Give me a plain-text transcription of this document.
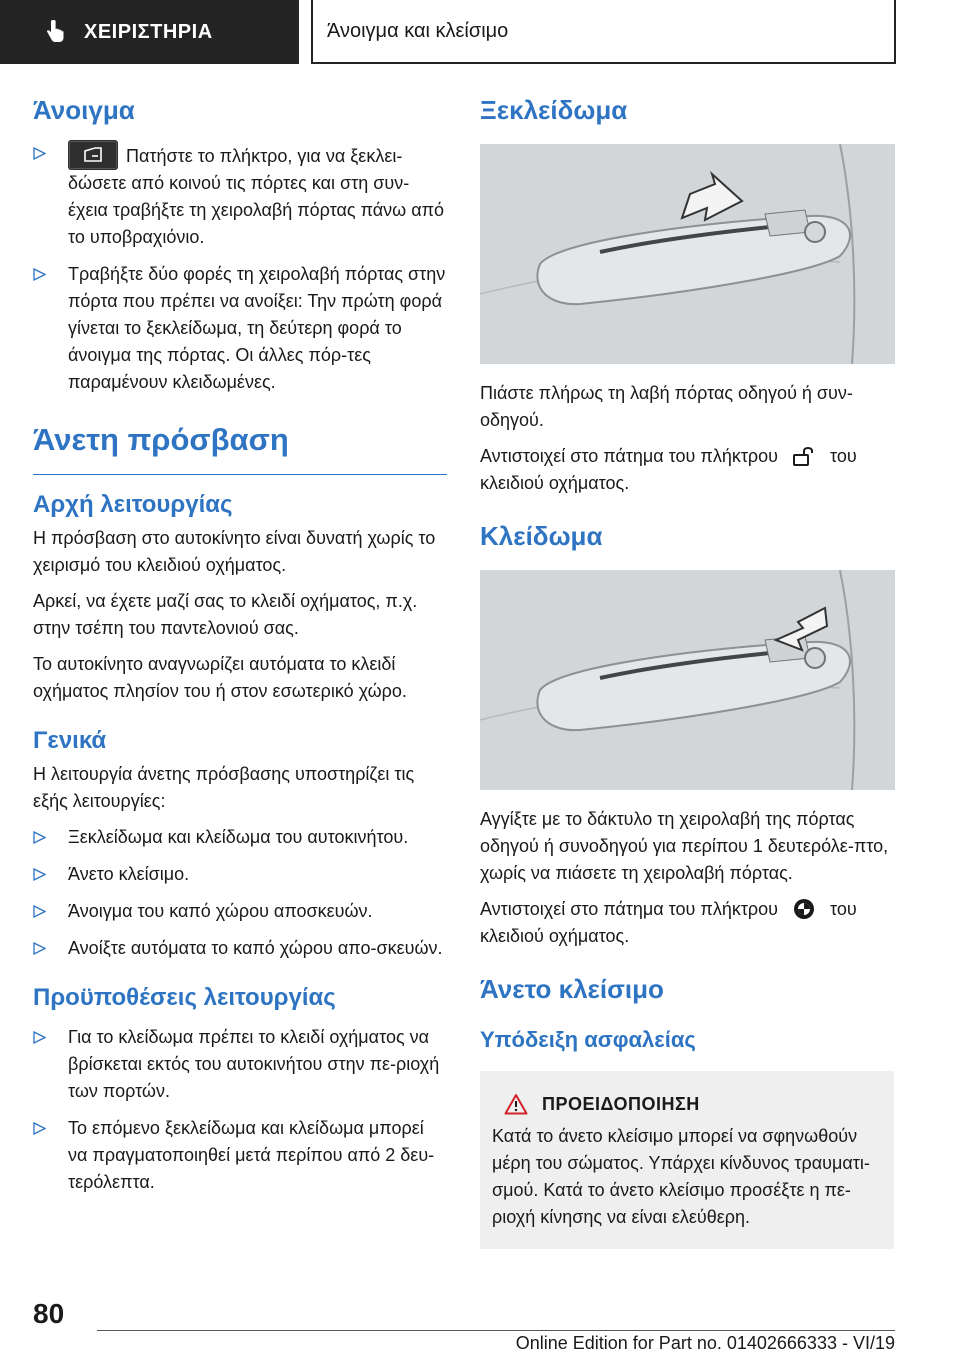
ΧΕΙΡΙΣΤΗΡΙΑ	Άνοιγμα και κλείσιμο
Άνοιγμα
Πατήστε το πλήκτρο, για να ξεκλει-δώσετε από κοινού τις πόρτες και στη συν-έχεια τραβήξτε τη χειρολαβή πόρτας πάνω από το υποβραχιόνιο.
Τραβήξτε δύο φορές τη χειρολαβή πόρτας στην πόρτα που πρέπει να ανοίξει: Την πρώτη φορά γίνεται το ξεκλείδωμα, τη δεύτερη φορά το άνοιγμα της πόρτας. Οι άλλες πόρ-τες παραμένουν κλειδωμένες.
Άνετη πρόσβαση
Αρχή λειτουργίας

Η πρόσβαση στο αυτοκίνητο είναι δυνατή χωρίς το χειρισμό του κλειδιού οχήματος.

Αρκεί, να έχετε μαζί σας το κλειδί οχήματος, π.χ. στην τσέπη του παντελονιού σας.

Το αυτοκίνητο αναγνωρίζει αυτόματα το κλειδί οχήματος πλησίον του ή στον εσωτερικό χώρο.

Γενικά

Η λειτουργία άνετης πρόσβασης υποστηρίζει τις εξής λειτουργίες:

Ξεκλείδωμα και κλείδωμα του αυτοκινήτου.
Άνετο κλείσιμο.
Άνοιγμα του καπό χώρου αποσκευών.
Ανοίξτε αυτόματα το καπό χώρου απο-σκευών.
Προϋποθέσεις λειτουργίας
Για το κλείδωμα πρέπει το κλειδί οχήματος να βρίσκεται εκτός του αυτοκινήτου στην πε-ριοχή των πορτών.
Το επόμενο ξεκλείδωμα και κλείδωμα μπορεί να πραγματοποιηθεί μετά περίπου από 2 δευ-τερόλεπτα.
Ξεκλείδωμα

Πιάστε πλήρως τη λαβή πόρτας οδηγού ή συν-οδηγού.

Αντιστοιχεί στο πάτημα του πλήκτρου	του κλειδιού οχήματος.

Κλείδωμα

Αγγίξτε με το δάκτυλο τη χειρολαβή της πόρτας οδηγού ή συνοδηγού για περίπου 1 δευτερόλε-πτο, χωρίς να πιάσετε τη χειρολαβή πόρτας.

Αντιστοιχεί στο πάτημα του πλήκτρου	του κλειδιού οχήματος.

Άνετο κλείσιμο
Υπόδειξη ασφαλείας
ΠΡΟΕΙΔΟΠΟΙΗΣΗ

Κατά το άνετο κλείσιμο μπορεί να σφηνωθούν μέρη του σώματος. Υπάρχει κίνδυνος τραυματι-σμού. Κατά το άνετο κλείσιμο προσέξτε η πε-ριοχή κίνησης να είναι ελεύθερη.

80
Online Edition for Part no. 01402666333 - VI/19
